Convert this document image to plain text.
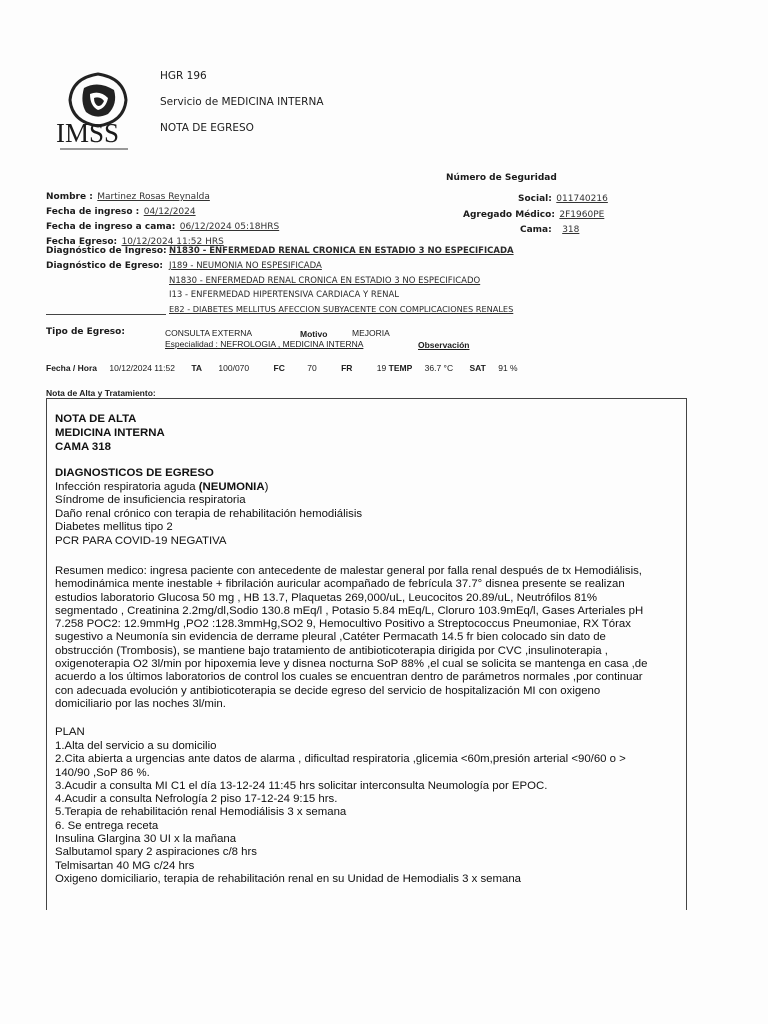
IMSS
HGR 196
Servicio de MEDICINA INTERNA
NOTA DE EGRESO
Número de Seguridad
Social: 011740216
Agregado Médico: 2F1960PE
Cama: 318
Nombre : Martinez Rosas Reynalda
Fecha de ingreso : 04/12/2024
Fecha de ingreso a cama: 06/12/2024 05:18HRS
Fecha Egreso: 10/12/2024 11:52 HRS
Diagnóstico de Ingreso: N1830 - ENFERMEDAD RENAL CRONICA EN ESTADIO 3 NO ESPECIFICADA
Diagnóstico de Egreso: J189 - NEUMONIA NO ESPESIFICADA
N1830 - ENFERMEDAD RENAL CRONICA EN ESTADIO 3 NO ESPECIFICADO
I13 - ENFERMEDAD HIPERTENSIVA CARDIACA Y RENAL
E82 - DIABETES MELLITUS AFECCION SUBYACENTE CON COMPLICACIONES RENALES
Tipo de Egreso:	CONSULTA EXTERNA	Motivo	MEJORIA
Especialidad : NEFROLOGIA , MEDICINA INTERNA	Observación
Fecha / Hora 10/12/2024 11:52 TA 100/070	FC	70	FR	19 TEMP 36.7 °C SAT 91 %
Nota de Alta y Tratamiento:
NOTA DE ALTA
MEDICINA INTERNA
CAMA 318
DIAGNOSTICOS DE EGRESO
Infección respiratoria aguda (NEUMONIA)
Síndrome de insuficiencia respiratoria
Daño renal crónico con terapia de rehabilitación hemodiálisis
Diabetes mellitus tipo 2
PCR PARA COVID-19 NEGATIVA
Resumen medico: ingresa paciente con antecedente de malestar general por falla renal después de tx Hemodiálisis,
hemodinámica mente inestable + fibrilación auricular acompañado de febrícula 37.7° disnea presente se realizan
estudios laboratorio Glucosa 50 mg , HB 13.7, Plaquetas 269,000/uL, Leucocitos 20.89/uL, Neutrófilos 81%
segmentado , Creatinina 2.2mg/dl,Sodio 130.8 mEq/l , Potasio 5.84 mEq/L, Cloruro 103.9mEq/l, Gases Arteriales pH
7.258 POC2: 12.9mmHg ,PO2 :128.3mmHg,SO2 9, Hemocultivo Positivo a Streptococcus Pneumoniae, RX Tórax
sugestivo a Neumonía sin evidencia de derrame pleural ,Catéter Permacath 14.5 fr bien colocado sin dato de
obstrucción (Trombosis), se mantiene bajo tratamiento de antibioticoterapia dirigida por CVC ,insulinoterapia ,
oxigenoterapia O2 3l/min por hipoxemia leve y disnea nocturna SoP 88% ,el cual se solicita se mantenga en casa ,de
acuerdo a los últimos laboratorios de control los cuales se encuentran dentro de parámetros normales ,por continuar
con adecuada evolución y antibioticoterapia se decide egreso del servicio de hospitalización MI con oxigeno
domiciliario por las noches 3l/min.
PLAN
1.Alta del servicio a su domicilio
2.Cita abierta a urgencias ante datos de alarma , dificultad respiratoria ,glicemia <60m,presión arterial <90/60 o >
140/90 ,SoP 86 %.
3.Acudir a consulta MI C1 el día 13-12-24 11:45 hrs solicitar interconsulta Neumología por EPOC.
4.Acudir a consulta Nefrología 2 piso 17-12-24 9:15 hrs.
5.Terapia de rehabilitación renal Hemodiálisis 3 x semana
6. Se entrega receta
Insulina Glargina 30 UI x la mañana
Salbutamol spary 2 aspiraciones c/8 hrs
Telmisartan 40 MG c/24 hrs
Oxigeno domiciliario, terapia de rehabilitación renal en su Unidad de Hemodialis 3 x semana
